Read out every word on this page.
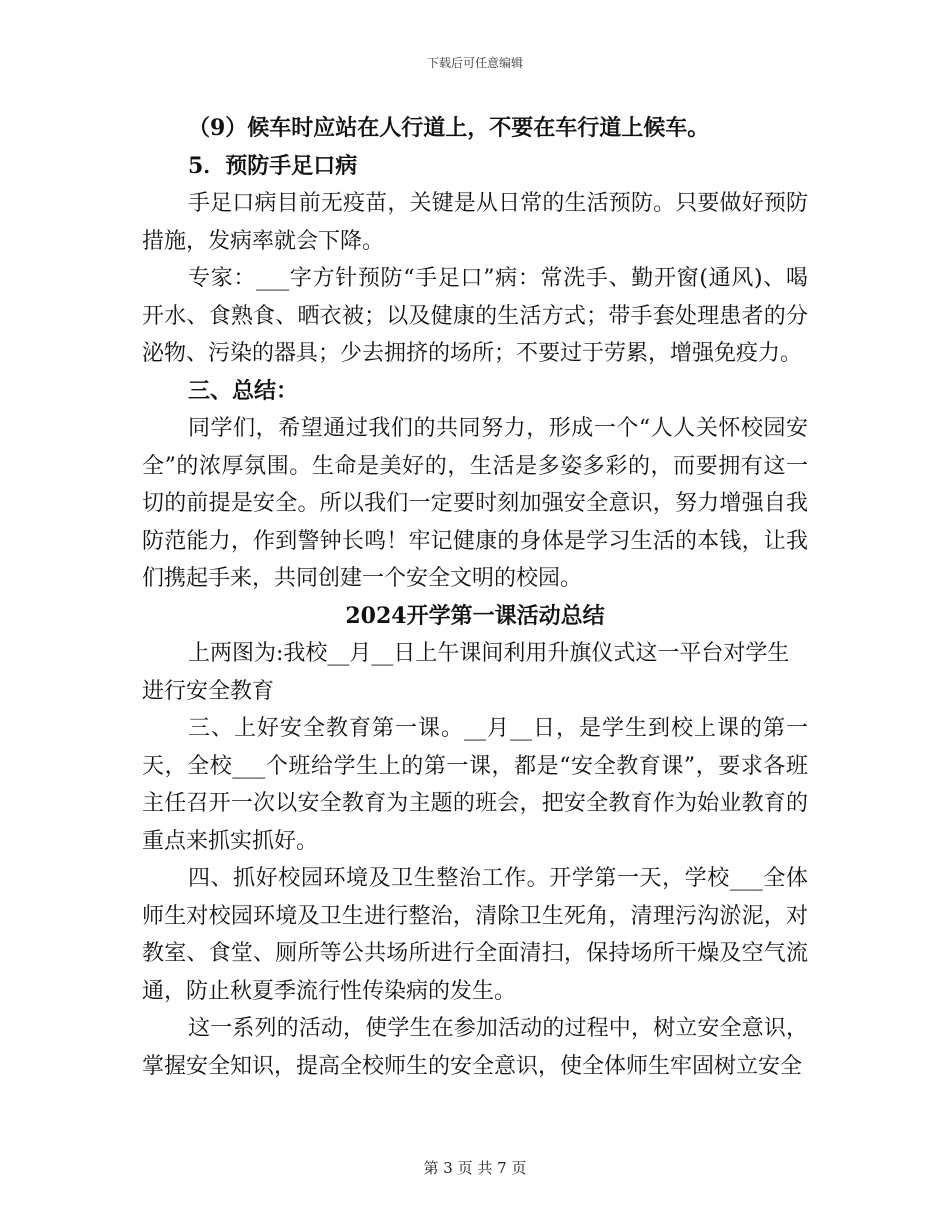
下载后可任意编辑

（9）候车时应站在人行道上，不要在车行道上候车。

5．预防手足口病

手足口病目前无疫苗，关键是从日常的生活预防。只要做好预防措施，发病率就会下降。

专家：___字方针预防“手足口”病：常洗手、勤开窗(通风)、喝开水、食熟食、晒衣被；以及健康的生活方式；带手套处理患者的分泌物、污染的器具；少去拥挤的场所；不要过于劳累，增强免疫力。

三、总结：

同学们，希望通过我们的共同努力，形成一个“人人关怀校园安全”的浓厚氛围。生命是美好的，生活是多姿多彩的，而要拥有这一切的前提是安全。所以我们一定要时刻加强安全意识，努力增强自我防范能力，作到警钟长鸣！牢记健康的身体是学习生活的本钱，让我们携起手来，共同创建一个安全文明的校园。

2024开学第一课活动总结

上两图为:我校__月__日上午课间利用升旗仪式这一平台对学生进行安全教育

三、上好安全教育第一课。__月__日，是学生到校上课的第一天，全校___个班给学生上的第一课，都是“安全教育课”，要求各班主任召开一次以安全教育为主题的班会，把安全教育作为始业教育的重点来抓实抓好。

四、抓好校园环境及卫生整治工作。开学第一天，学校___全体师生对校园环境及卫生进行整治，清除卫生死角，清理污沟淤泥，对教室、食堂、厕所等公共场所进行全面清扫，保持场所干燥及空气流通，防止秋夏季流行性传染病的发生。

这一系列的活动，使学生在参加活动的过程中，树立安全意识，掌握安全知识，提高全校师生的安全意识，使全体师生牢固树立安全

第 3 页 共 7 页
